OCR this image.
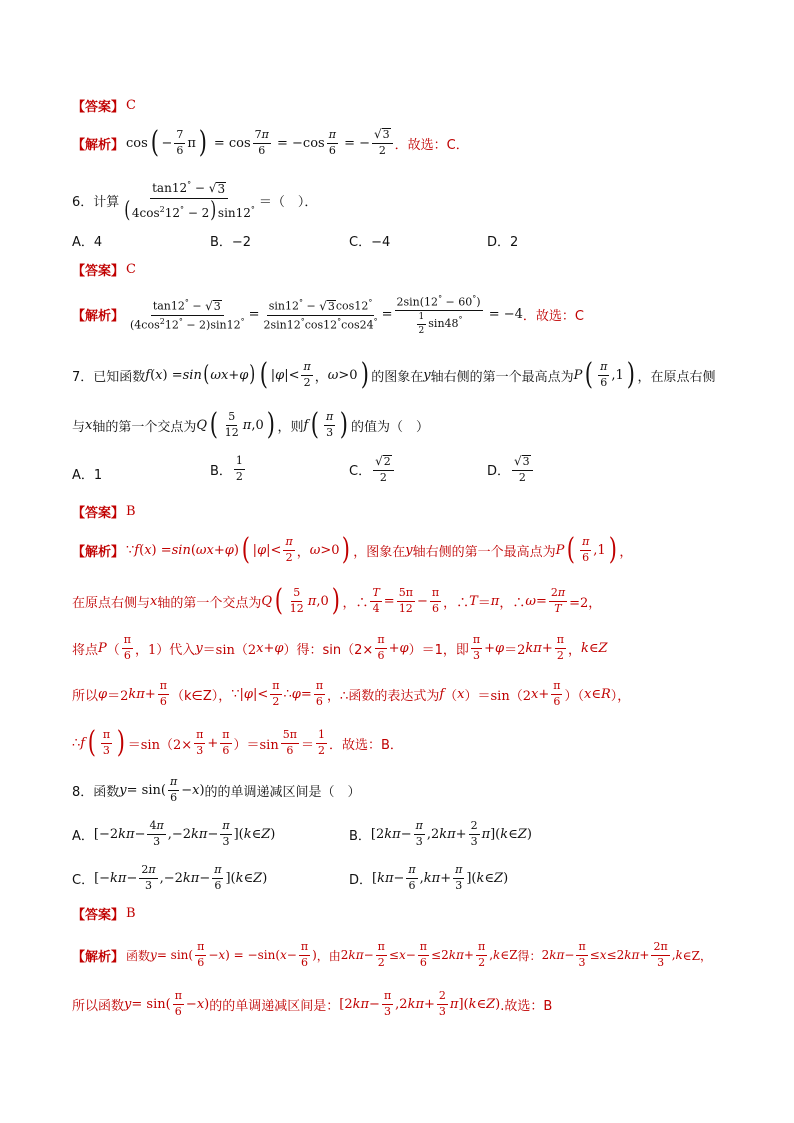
【答案】 C
【解析】 cos ( − $\frac{7}{6}$ π ) = $\cos \frac{7\pi}{6} = -\cos \frac{\pi}{6}$ = − $\frac{√ 3}{2}$ ．故选：C．
6．计算 $\frac{\tan 12^\circ - √ 3}{(4\cos^212^\circ - 2)\sin 12^\circ}$ ＝（　）．
A．4	B．−2	C．−4	D．2
【答案】 C
【解析】 $\frac{\tan 12^\circ - √ 3}{(4\cos^212^\circ - 2)\sin 12^\circ} = \frac{\sin 12^\circ - √ 3 \cos 12^\circ}{2\sin 12^\circ\cos 12^\circ\cos 24^\circ} = \frac{2\sin(12^\circ - 60^\circ)}{\frac{1}{2} \sin 48^\circ} = -4$ ．故选：C
7．已知函数 f ( x ) = sin ( ωx + φ ) ( | φ |< $\frac{\pi}{2}$ ， ω >0 ) 的图象在 y 轴右侧的第一个最高点为 P ( $\frac{\pi}{6} ,1$ ) ，在原点右侧
与 x 轴的第一个交点为 Q ( $\frac{5}{12}$ π ,0 ) ，则 f ( $\frac{\pi}{3}$ ) 的值为（　）
A．1	B． $\frac{1}{2}$	C． $\frac{√ 2}{2}$	D． $\frac{√ 3}{2}$
【答案】 B
【解析】 ∵ f ( x ) = sin ( ωx + φ ) ( | φ |< $\frac{\pi}{2}$ ， ω >0 ) ，图象在 y 轴右侧的第一个最高点为 P ( $\frac{\pi}{6} ,1$ ) ，
在原点右侧与 x 轴的第一个交点为 Q ( $\frac{5}{12}$ π ,0 ) ，∴ $\frac{T}{4} = \frac{5\pi}{12} - \frac{\pi}{6}$ ，∴ T ＝ π ，∴ $\omega = \frac{2\pi}{T} =2$，
将点 P （ $\frac{\pi}{6}$ ，1） 代入 y ＝sin（2 x + φ ） 得：$\sin(2\times \frac{\pi}{6} + \varphi$ ）＝1，即 $\frac{\pi}{3} + \varphi =2$ $k\pi + \frac{\pi}{2}$ ， k∈Z
所以 φ ＝2 $k\pi + \frac{\pi}{6}$ （k∈Z）， ∵| φ |< $\frac{\pi}{2}$ ∴ $\varphi = \frac{\pi}{6}$ ，∴函数的表达式为 f （ x ）＝sin（2 $x + \frac{\pi}{6}$ ）（ x ∈ R ），
∴ f ( $\frac{\pi}{3}$ ) $=\sin(2\times \frac{\pi}{3} + \frac{\pi}{6} )=\sin \frac{5\pi}{6} = \frac{1}{2}$ ．故选：B．
8．函数 $y = \sin( \frac{\pi}{6} - x$ ) 的的单调递减区间是（　）
A． [−2 $k\pi - \frac{4\pi}{3} ,-2$ $k\pi - \frac{\pi}{3}$ ]( k ∈ Z )	B． [2 $k\pi - \frac{\pi}{3} ,2$ $k\pi + \frac{2}{3}$ π ]( k ∈ Z )
C． [− $k\pi - \frac{2\pi}{3} ,-2$ $k\pi - \frac{\pi}{6}$ ]( k ∈ Z )	D． [ $k\pi - \frac{\pi}{6}$ , $k\pi + \frac{\pi}{3}$ ]( k ∈ Z )
【答案】 B
【解析】 函数 $y = \sin( \frac{\pi}{6} - x$ ) = −sin( $x - \frac{\pi}{6}$ ) ，由 2 $k\pi - \frac{\pi}{2} \le x - \frac{\pi}{6} \le 2$ $k\pi + \frac{\pi}{2}$ , k ∈Z 得： 2 $k\pi - \frac{\pi}{3} \le x \le 2$ $k\pi + \frac{2\pi}{3}$ , k ∈Z，
所以函数 $y = \sin( \frac{\pi}{6} - x$ ) 的的单调递减区间是： [2 $k\pi - \frac{\pi}{3} ,2$ $k\pi + \frac{2}{3}$ π ]( k ∈ Z ) .故选：B
